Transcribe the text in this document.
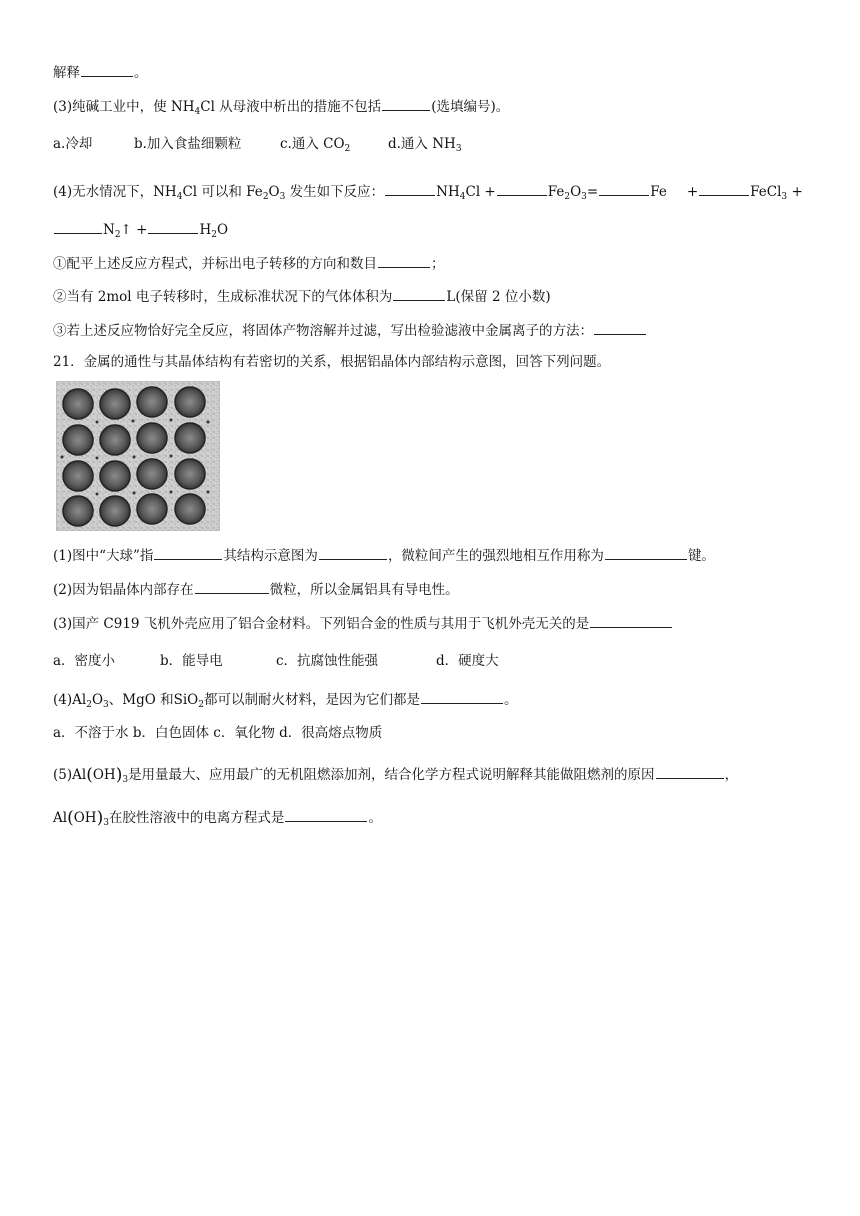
解释	。
(3)纯碱工业中，使 $NH_4Cl$ 从母液中析出的措施不包括	(选填编号)。
a.冷却	b.加入食盐细颗粒	c.通入 $CO_2$	d.通入 $NH_3$
(4)无水情况下，$NH_4Cl$ 可以和 $Fe_2O_3$ 发生如下反应：	$NH_4Cl$ +	$Fe_2O_3=$	Fe +	FeCl$_3$ +
$N_2↑$ +	$H_2O$
①配平上述反应方程式，并标出电子转移的方向和数目	；
②当有 2mol 电子转移时，生成标准状况下的气体体积为	L(保留 2 位小数)
③若上述反应物恰好完全反应，将固体产物溶解并过滤，写出检验滤液中金属离子的方法：
21．金属的通性与其晶体结构有若密切的关系，根据铝晶体内部结构示意图，回答下列问题。
(1)图中“大球”指	其结构示意图为	，微粒间产生的强烈地相互作用称为	键。
(2)因为铝晶体内部存在	微粒，所以金属铝具有导电性。
(3)国产 C919 飞机外壳应用了铝合金材料。下列铝合金的性质与其用于飞机外壳无关的是
a．密度小	b．能导电	c．抗腐蚀性能强	d．硬度大
$(4)Al_2O_3$、MgO 和SiO$_2$都可以制耐火材料，是因为它们都是	。
a．不溶于水 b．白色固体 c．氧化物 d．很高熔点物质
$(5)Al(OH)_3$是用量最大、应用最广的无机阻燃添加剂，结合化学方程式说明解释其能做阻燃剂的原因	，
$Al(OH)_3$在胶性溶液中的电离方程式是	。
